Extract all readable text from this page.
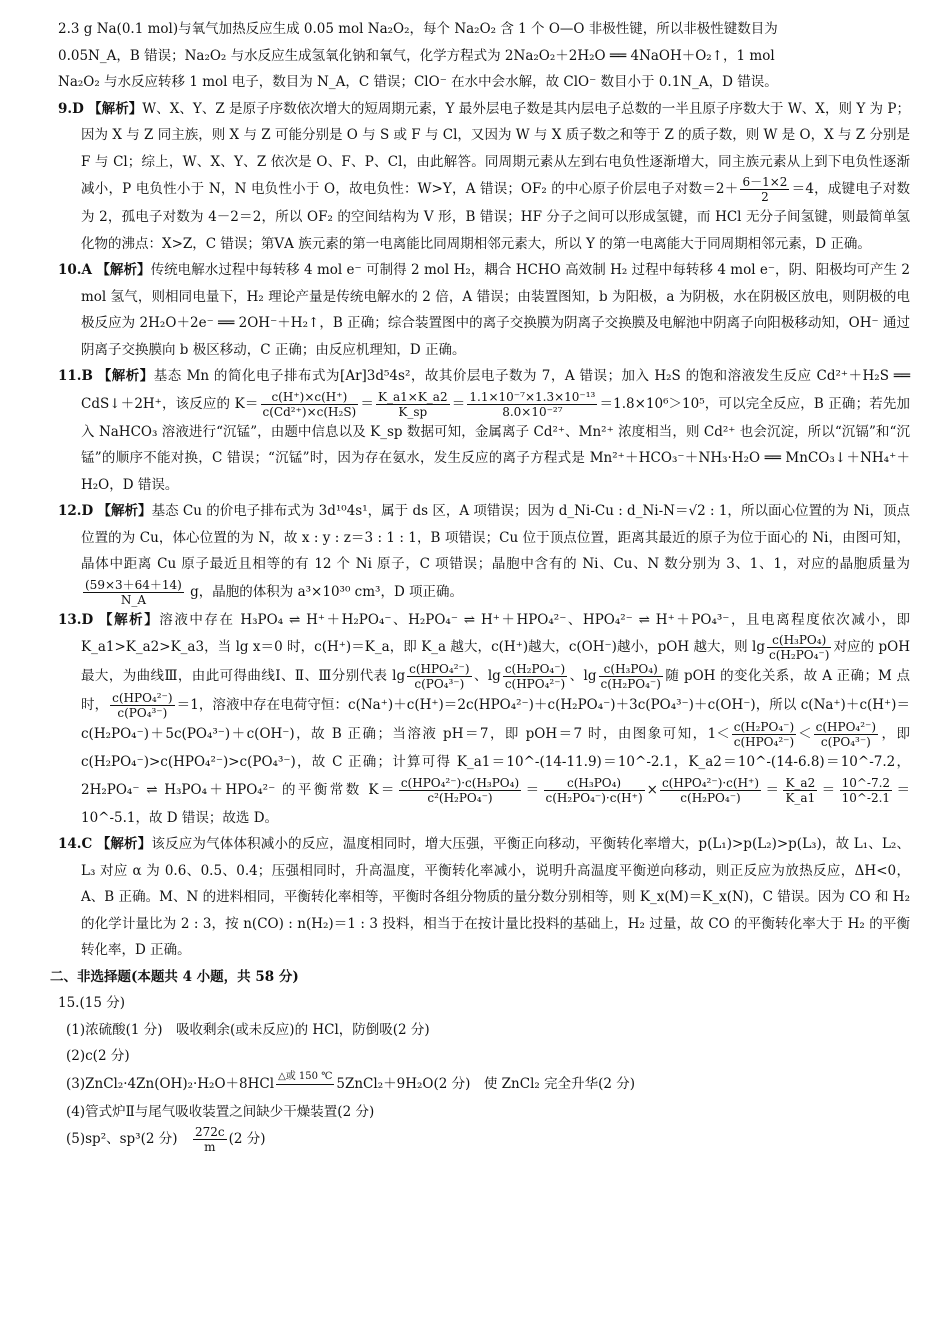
2.3 g Na(0.1 mol)与氧气加热反应生成 0.05 mol Na₂O₂，每个 Na₂O₂ 含 1 个 O—O 非极性键，所以非极性键数目为

0.05N_A，B 错误；Na₂O₂ 与水反应生成氢氧化钠和氧气，化学方程式为 2Na₂O₂＋2H₂O ══ 4NaOH＋O₂↑，1 mol

Na₂O₂ 与水反应转移 1 mol 电子，数目为 N_A，C 错误；ClO⁻ 在水中会水解，故 ClO⁻ 数目小于 0.1N_A，D 错误。

9.D 【解析】W、X、Y、Z 是原子序数依次增大的短周期元素，Y 最外层电子数是其内层电子总数的一半且原子序数大于 W、X，则 Y 为 P；因为 X 与 Z 同主族，则 X 与 Z 可能分别是 O 与 S 或 F 与 Cl，又因为 W 与 X 质子数之和等于 Z 的质子数，则 W 是 O，X 与 Z 分别是 F 与 Cl；综上，W、X、Y、Z 依次是 O、F、P、Cl，由此解答。同周期元素从左到右电负性逐渐增大，同主族元素从上到下电负性逐渐减小，P 电负性小于 N，N 电负性小于 O，故电负性：W>Y，A 错误；OF₂ 的中心原子价层电子对数$=2+ \frac{6-1\times 2}{2} =4$，成键电子对数为 2，孤电子对数为 4－2＝2，所以 OF₂ 的空间结构为 V 形，B 错误；HF 分子之间可以形成氢键，而 HCl 无分子间氢键，则最简单氢化物的沸点：X>Z，C 错误；第ⅤA 族元素的第一电离能比同周期相邻元素大，所以 Y 的第一电离能大于同周期相邻元素，D 正确。

10.A 【解析】传统电解水过程中每转移 4 mol e⁻ 可制得 2 mol H₂，耦合 HCHO 高效制 H₂ 过程中每转移 4 mol e⁻，阴、阳极均可产生 2 mol 氢气，则相同电量下，H₂ 理论产量是传统电解水的 2 倍，A 错误；由装置图知，b 为阳极，a 为阴极，水在阴极区放电，则阴极的电极反应为 2H₂O＋2e⁻ ══ 2OH⁻＋H₂↑，B 正确；综合装置图中的离子交换膜为阴离子交换膜及电解池中阴离子向阳极移动知，OH⁻ 通过阴离子交换膜向 b 极区移动，C 正确；由反应机理知，D 正确。

11.B 【解析】基态 Mn 的简化电子排布式为[Ar]3d⁵4s²，故其价层电子数为 7，A 错误；加入 H₂S 的饱和溶液发生反应 Cd²⁺＋H₂S ══ CdS↓＋2H⁺，该反应的 $K= \frac{c(H^+)\times c(H^+)}{\text{c(Cd²⁺)×c(H₂S)}} = \frac{K\_a1\times K\_a2}{K\_sp} = \frac{\text{1.1×10⁻⁷×1.3×10⁻¹³}}{\text{8.0×10⁻²⁷}} =1.8\times 10^6>10^5$，可以完全反应，B 正确；若先加入 NaHCO₃ 溶液进行“沉锰”，由题中信息以及 K_sp 数据可知，金属离子 Cd²⁺、Mn²⁺ 浓度相当，则 Cd²⁺ 也会沉淀，所以“沉镉”和“沉锰”的顺序不能对换，C 错误；“沉锰”时，因为存在氨水，发生反应的离子方程式是 Mn²⁺＋HCO₃⁻＋NH₃·H₂O ══ MnCO₃↓＋NH₄⁺＋H₂O，D 错误。

12.D 【解析】基态 Cu 的价电子排布式为 3d¹⁰4s¹，属于 ds 区，A 项错误；因为 d_Ni-Cu : d_Ni-N＝√2 : 1，所以面心位置的为 Ni，顶点位置的为 Cu，体心位置的为 N，故 x : y : z＝3 : 1 : 1，B 项错误；Cu 位于顶点位置，距离其最近的原子为位于面心的 Ni，由图可知，晶体中距离 Cu 原子最近且相等的有 12 个 Ni 原子，C 项错误；晶胞中含有的 Ni、Cu、N 数分别为 3、1、1，对应的晶胞质量为
$\frac{(59\times 3+64+14)}{N\_A}$ g，晶胞的体积为 a³×10³⁰ cm³，D 项正确。

13.D 【解析】溶液中存在 H₃PO₄ ⇌ H⁺＋H₂PO₄⁻、H₂PO₄⁻ ⇌ H⁺＋HPO₄²⁻、HPO₄²⁻ ⇌ H⁺＋PO₄³⁻，且电离程度依次减小，即 K_a1>K_a2>K_a3，当 lg x＝0 时，c(H⁺)＝K_a，即 K_a 越大，c(H⁺)越大，c(OH⁻)越小，pOH 越大，则 $\lg \frac{\text{c(H₃PO₄)}}{\text{c(H₂PO₄⁻)}}$ 对应的 pOH 最大，为曲线Ⅲ，由此可得曲线Ⅰ、Ⅱ、Ⅲ分别代表 $\lg \frac{\text{c(HPO₄²⁻)}}{\text{c(PO₄³⁻)}}$ 、$\lg \frac{\text{c(H₂PO₄⁻)}}{\text{c(HPO₄²⁻)}}$ 、$\lg \frac{\text{c(H₃PO₄)}}{\text{c(H₂PO₄⁻)}}$ 随 pOH 的变化关系，故 A 正确；M 点时， $\frac{\text{c(HPO₄²⁻)}}{\text{c(PO₄³⁻)}} =1$，溶液中存在电荷守恒：c(Na⁺)＋c(H⁺)＝2c(HPO₄²⁻)＋c(H₂PO₄⁻)＋3c(PO₄³⁻)＋c(OH⁻)，所以 c(Na⁺)＋c(H⁺)＝c(H₂PO₄⁻)＋5c(PO₄³⁻)＋c(OH⁻)，故 B 正确；当溶液 pH＝7，即 pOH＝7 时，由图象可知，$1< \frac{\text{c(H₂PO₄⁻)}}{\text{c(HPO₄²⁻)}} < \frac{\text{c(HPO₄²⁻)}}{\text{c(PO₄³⁻)}}$ ，即 c(H₂PO₄⁻)>c(HPO₄²⁻)>c(PO₄³⁻)，故 C 正确；计算可得 K_a1＝10^-(14-11.9)＝10^-2.1，K_a2＝10^-(14-6.8)＝10^-7.2，2H₂PO₄⁻ ⇌ H₃PO₄＋HPO₄²⁻ 的平衡常数 $K= \frac{\text{c(HPO₄²⁻)·c(H₃PO₄)}}{\text{c²(H₂PO₄⁻)}} = \frac{\text{c(H₃PO₄)}}{\text{c(H₂PO₄⁻)·c(H⁺)}} \times \frac{\text{c(HPO₄²⁻)·c(H⁺)}}{\text{c(H₂PO₄⁻)}} = \frac{K\_a2}{K\_a1} = \frac{10\^{}-7.2}{10\^{}-2.1}$ ＝10^-5.1，故 D 错误；故选 D。

14.C 【解析】该反应为气体体积减小的反应，温度相同时，增大压强，平衡正向移动，平衡转化率增大，p(L₁)>p(L₂)>p(L₃)，故 L₁、L₂、L₃ 对应 α 为 0.6、0.5、0.4；压强相同时，升高温度，平衡转化率减小，说明升高温度平衡逆向移动，则正反应为放热反应，ΔH<0，A、B 正确。M、N 的进料相同，平衡转化率相等，平衡时各组分物质的量分数分别相等，则 K_x(M)＝K_x(N)，C 错误。因为 CO 和 H₂ 的化学计量比为 2 : 3，按 n(CO) : n(H₂)＝1 : 3 投料，相当于在按计量比投料的基础上，H₂ 过量，故 CO 的平衡转化率大于 H₂ 的平衡转化率，D 正确。

二、非选择题(本题共 4 小题，共 58 分)

15.(15 分)

(1)浓硫酸(1 分)　吸收剩余(或未反应)的 HCl，防倒吸(2 分)

(2)c(2 分)

(3)ZnCl₂·4Zn(OH)₂·H₂O＋8HCl △或 150 ℃
5ZnCl₂＋9H₂O(2 分)　使 ZnCl₂ 完全升华(2 分)

(4)管式炉Ⅱ与尾气吸收装置之间缺少干燥装置(2 分)

(5)sp²、sp³(2 分)　 $\frac{272c}{m} (2$ 分)
